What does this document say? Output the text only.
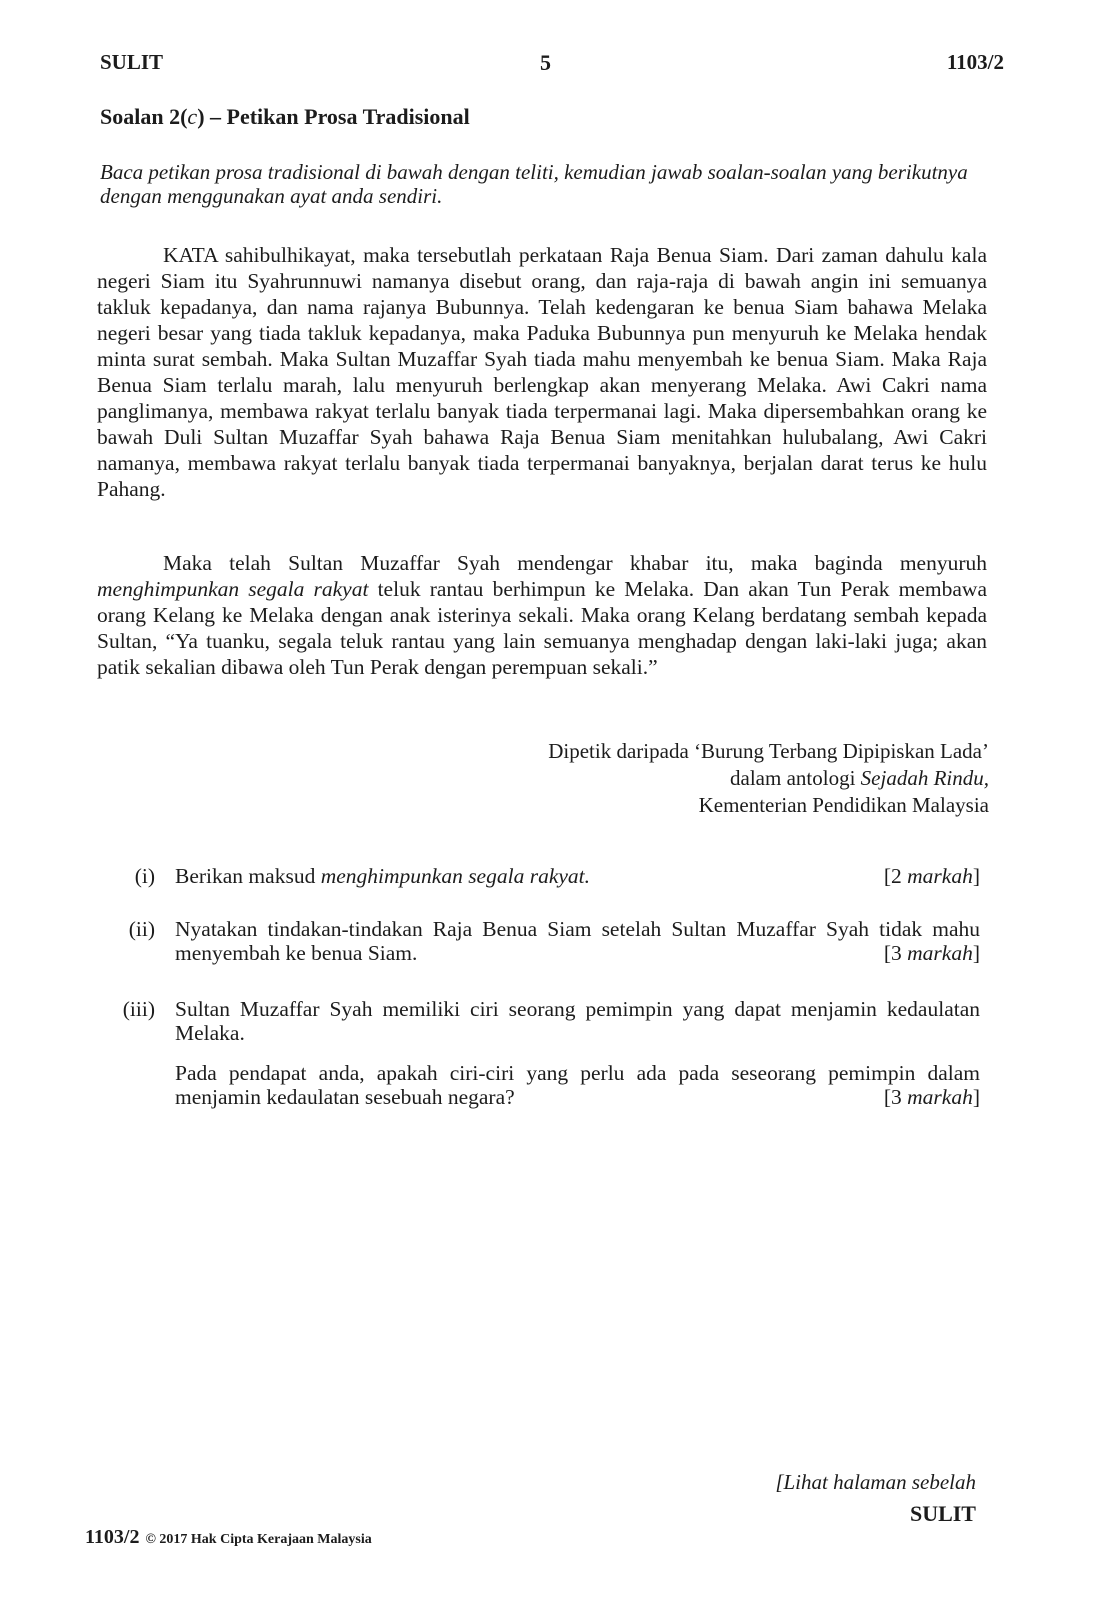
SULIT	5	1103/2
Soalan 2(c) – Petikan Prosa Tradisional

Baca petikan prosa tradisional di bawah dengan teliti, kemudian jawab soalan-soalan yang berikutnya dengan menggunakan ayat anda sendiri.

KATA sahibulhikayat, maka tersebutlah perkataan Raja Benua Siam. Dari zaman dahulu kala negeri Siam itu Syahrunnuwi namanya disebut orang, dan raja-raja di bawah angin ini semuanya takluk kepadanya, dan nama rajanya Bubunnya. Telah kedengaran ke benua Siam bahawa Melaka negeri besar yang tiada takluk kepadanya, maka Paduka Bubunnya pun menyuruh ke Melaka hendak minta surat sembah. Maka Sultan Muzaffar Syah tiada mahu menyembah ke benua Siam. Maka Raja Benua Siam terlalu marah, lalu menyuruh berlengkap akan menyerang Melaka. Awi Cakri nama panglimanya, membawa rakyat terlalu banyak tiada terpermanai lagi. Maka dipersembahkan orang ke bawah Duli Sultan Muzaffar Syah bahawa Raja Benua Siam menitahkan hulubalang, Awi Cakri namanya, membawa rakyat terlalu banyak tiada terpermanai banyaknya, berjalan darat terus ke hulu Pahang.

Maka telah Sultan Muzaffar Syah mendengar khabar itu, maka baginda menyuruh menghimpunkan segala rakyat teluk rantau berhimpun ke Melaka. Dan akan Tun Perak membawa orang Kelang ke Melaka dengan anak isterinya sekali. Maka orang Kelang berdatang sembah kepada Sultan, “Ya tuanku, segala teluk rantau yang lain semuanya menghadap dengan laki-laki juga; akan patik sekalian dibawa oleh Tun Perak dengan perempuan sekali.”

Dipetik daripada ‘Burung Terbang Dipipiskan Lada’
dalam antologi Sejadah Rindu,
Kementerian Pendidikan Malaysia
(i)	[2 markah]
Berikan maksud menghimpunkan segala rakyat.
(ii) Nyatakan tindakan-tindakan Raja Benua Siam setelah Sultan Muzaffar Syah tidak mahu menyembah ke benua Siam.	[3 markah]
(iii) Sultan Muzaffar Syah memiliki ciri seorang pemimpin yang dapat menjamin kedaulatan Melaka.

Pada pendapat anda, apakah ciri-ciri yang perlu ada pada seseorang pemimpin dalam menjamin kedaulatan sesebuah negara?	[3 markah]
1103/2 © 2017 Hak Cipta Kerajaan Malaysia
[Lihat halaman sebelah
SULIT
